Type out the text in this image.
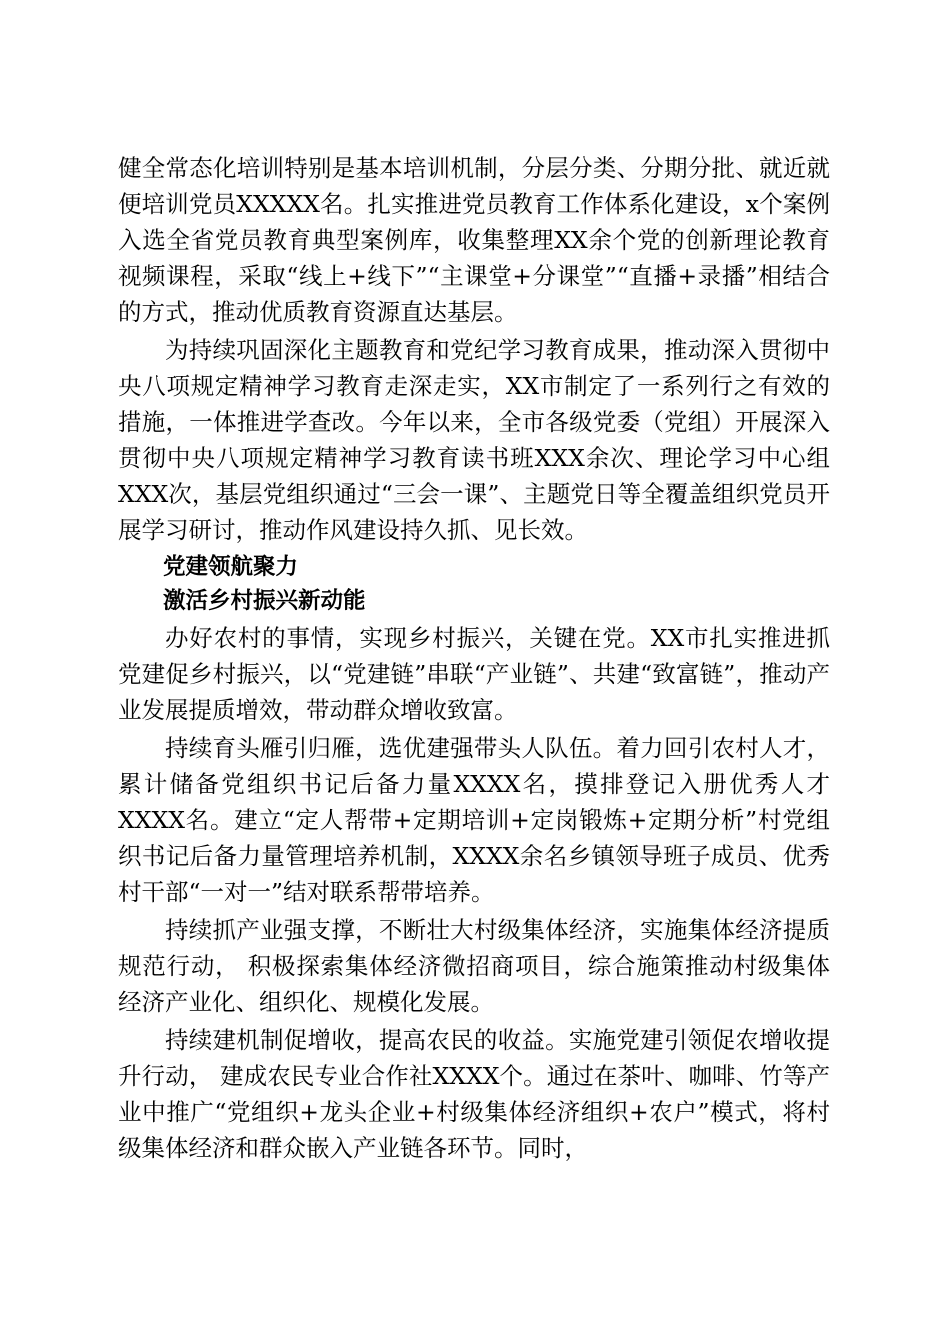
健全常态化培训特别是基本培训机制，分层分类、分期分批、就近就便培训党员XXXXX名。扎实推进党员教育工作体系化建设，x个案例入选全省党员教育典型案例库，收集整理XX余个党的创新理论教育视频课程，采取“线上+线下”“主课堂+分课堂”“直播+录播”相结合的方式，推动优质教育资源直达基层。

为持续巩固深化主题教育和党纪学习教育成果，推动深入贯彻中央八项规定精神学习教育走深走实，XX市制定了一系列行之有效的措施，一体推进学查改。今年以来，全市各级党委（党组）开展深入贯彻中央八项规定精神学习教育读书班XXX余次、理论学习中心组XXX次，基层党组织通过“三会一课”、主题党日等全覆盖组织党员开展学习研讨，推动作风建设持久抓、见长效。

党建领航聚力

激活乡村振兴新动能

办好农村的事情，实现乡村振兴，关键在党。XX市扎实推进抓党建促乡村振兴，以“党建链”串联“产业链”、共建“致富链”，推动产业发展提质增效，带动群众增收致富。

持续育头雁引归雁，选优建强带头人队伍。着力回引农村人才，累计储备党组织书记后备力量XXXX名，摸排登记入册优秀人才XXXX名。建立“定人帮带+定期培训+定岗锻炼+定期分析”村党组织书记后备力量管理培养机制，XXXX余名乡镇领导班子成员、优秀村干部“一对一”结对联系帮带培养。

持续抓产业强支撑，不断壮大村级集体经济，实施集体经济提质规范行动， 积极探索集体经济微招商项目，综合施策推动村级集体经济产业化、组织化、规模化发展。

持续建机制促增收，提高农民的收益。实施党建引领促农增收提升行动， 建成农民专业合作社XXXX个。通过在茶叶、咖啡、竹等产业中推广“党组织+龙头企业+村级集体经济组织+农户”模式，将村级集体经济和群众嵌入产业链各环节。同时，
